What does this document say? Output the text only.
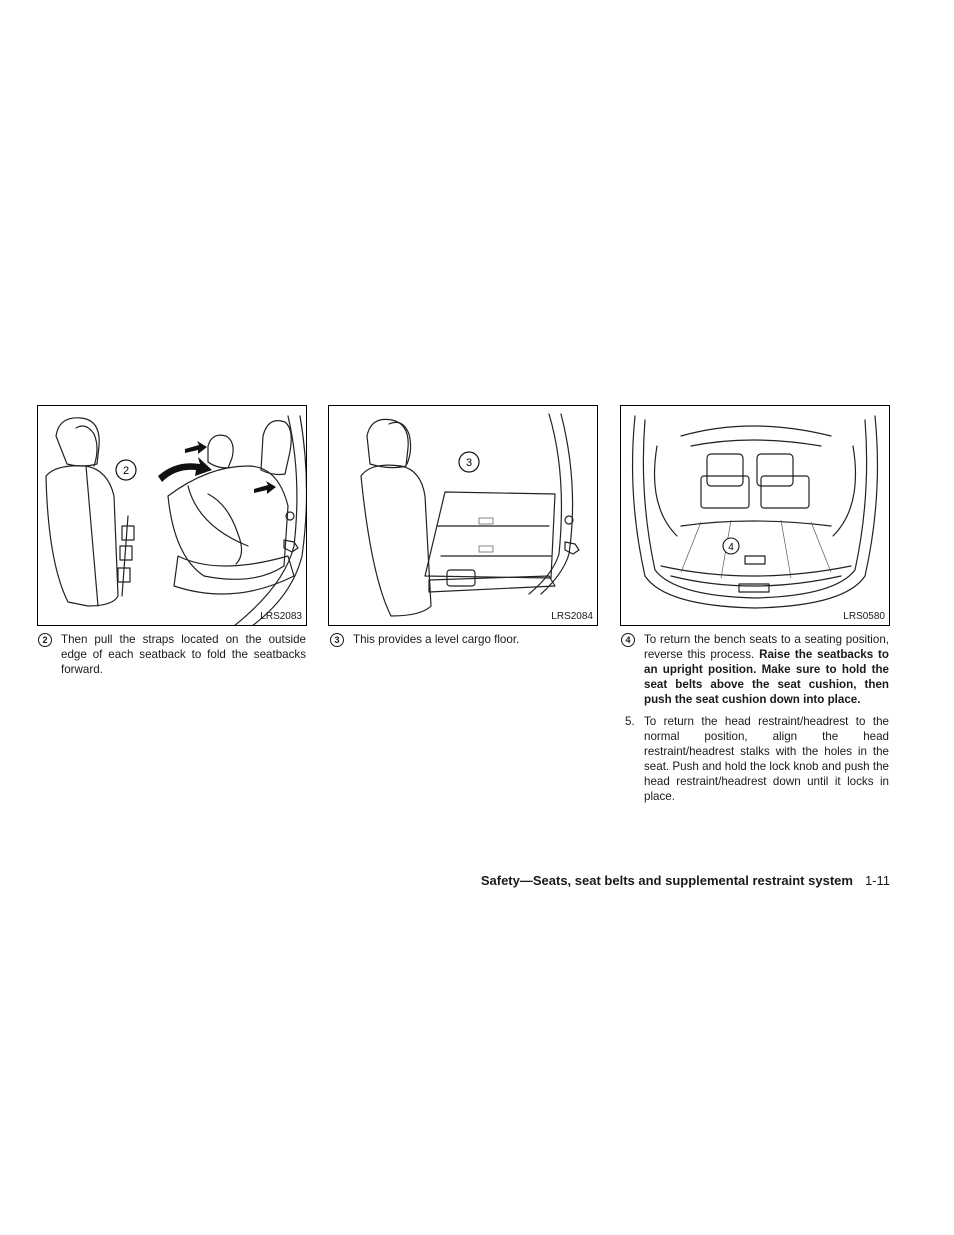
2
LRS2083
3
LRS2084
4
LRS0580
2	Then pull the straps located on the outside edge of each seatback to fold the seatbacks forward.
3	This provides a level cargo floor.	4	To return the bench seats to a seating position, reverse this process. Raise the seatbacks to an upright position. Make sure to hold the seat belts above the seat cushion, then push the seat cushion down into place.
5. To return the head restraint/headrest to the normal position, align the head restraint/headrest stalks with the holes in the seat. Push and hold the lock knob and push the head restraint/headrest down until it locks in place.
Safety—Seats, seat belts and supplemental restraint system 1-11
